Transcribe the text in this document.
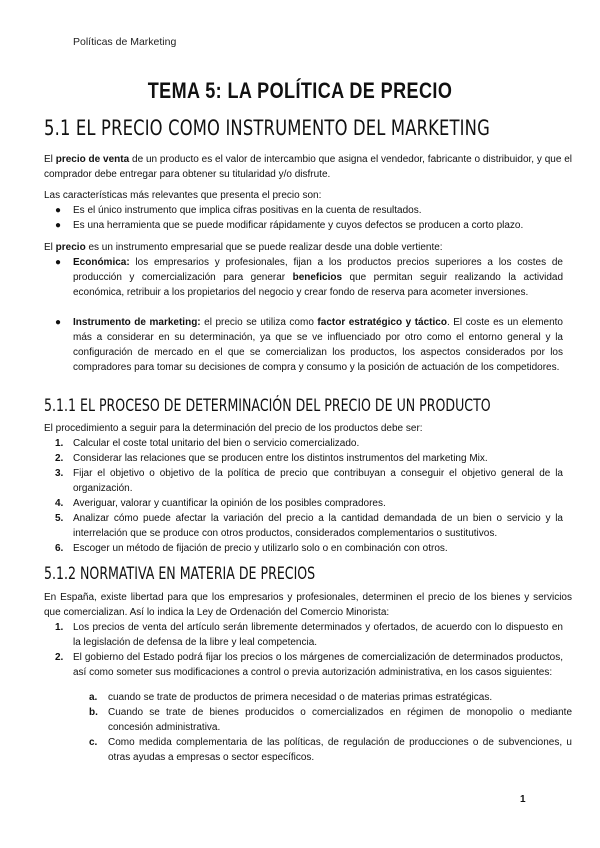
Políticas de Marketing
TEMA 5: LA POLÍTICA DE PRECIO
5.1 EL PRECIO COMO INSTRUMENTO DEL MARKETING
El precio de venta de un producto es el valor de intercambio que asigna el vendedor, fabricante o distribuidor, y que el comprador debe entregar para obtener su titularidad y/o disfrute.
Las características más relevantes que presenta el precio son:
● Es el único instrumento que implica cifras positivas en la cuenta de resultados.
● Es una herramienta que se puede modificar rápidamente y cuyos defectos se producen a corto plazo.
El precio es un instrumento empresarial que se puede realizar desde una doble vertiente:
● Económica: los empresarios y profesionales, fijan a los productos precios superiores a los costes de producción y comercialización para generar beneficios que permitan seguir realizando la actividad económica, retribuir a los propietarios del negocio y crear fondo de reserva para acometer inversiones.
● Instrumento de marketing: el precio se utiliza como factor estratégico y táctico. El coste es un elemento más a considerar en su determinación, ya que se ve influenciado por otro como el entorno general y la configuración de mercado en el que se comercializan los productos, los aspectos considerados por los compradores para tomar su decisiones de compra y consumo y la posición de actuación de los competidores.
5.1.1 EL PROCESO DE DETERMINACIÓN DEL PRECIO DE UN PRODUCTO
El procedimiento a seguir para la determinación del precio de los productos debe ser:
1. Calcular el coste total unitario del bien o servicio comercializado.
2. Considerar las relaciones que se producen entre los distintos instrumentos del marketing Mix.
3. Fijar el objetivo o objetivo de la política de precio que contribuyan a conseguir el objetivo general de la organización.
4. Averiguar, valorar y cuantificar la opinión de los posibles compradores.
5. Analizar cómo puede afectar la variación del precio a la cantidad demandada de un bien o servicio y la interrelación que se produce con otros productos, considerados complementarios o sustitutivos.
6. Escoger un método de fijación de precio y utilizarlo solo o en combinación con otros.
5.1.2 NORMATIVA EN MATERIA DE PRECIOS
En España, existe libertad para que los empresarios y profesionales, determinen el precio de los bienes y servicios que comercializan. Así lo indica la Ley de Ordenación del Comercio Minorista:
1. Los precios de venta del artículo serán libremente determinados y ofertados, de acuerdo con lo dispuesto en la legislación de defensa de la libre y leal competencia.
2. El gobierno del Estado podrá fijar los precios o los márgenes de comercialización de determinados productos, así como someter sus modificaciones a control o previa autorización administrativa, en los casos siguientes:
a. cuando se trate de productos de primera necesidad o de materias primas estratégicas.
b. Cuando se trate de bienes producidos o comercializados en régimen de monopolio o mediante concesión administrativa.
c. Como medida complementaria de las políticas, de regulación de producciones o de subvenciones, u otras ayudas a empresas o sector específicos.
1
